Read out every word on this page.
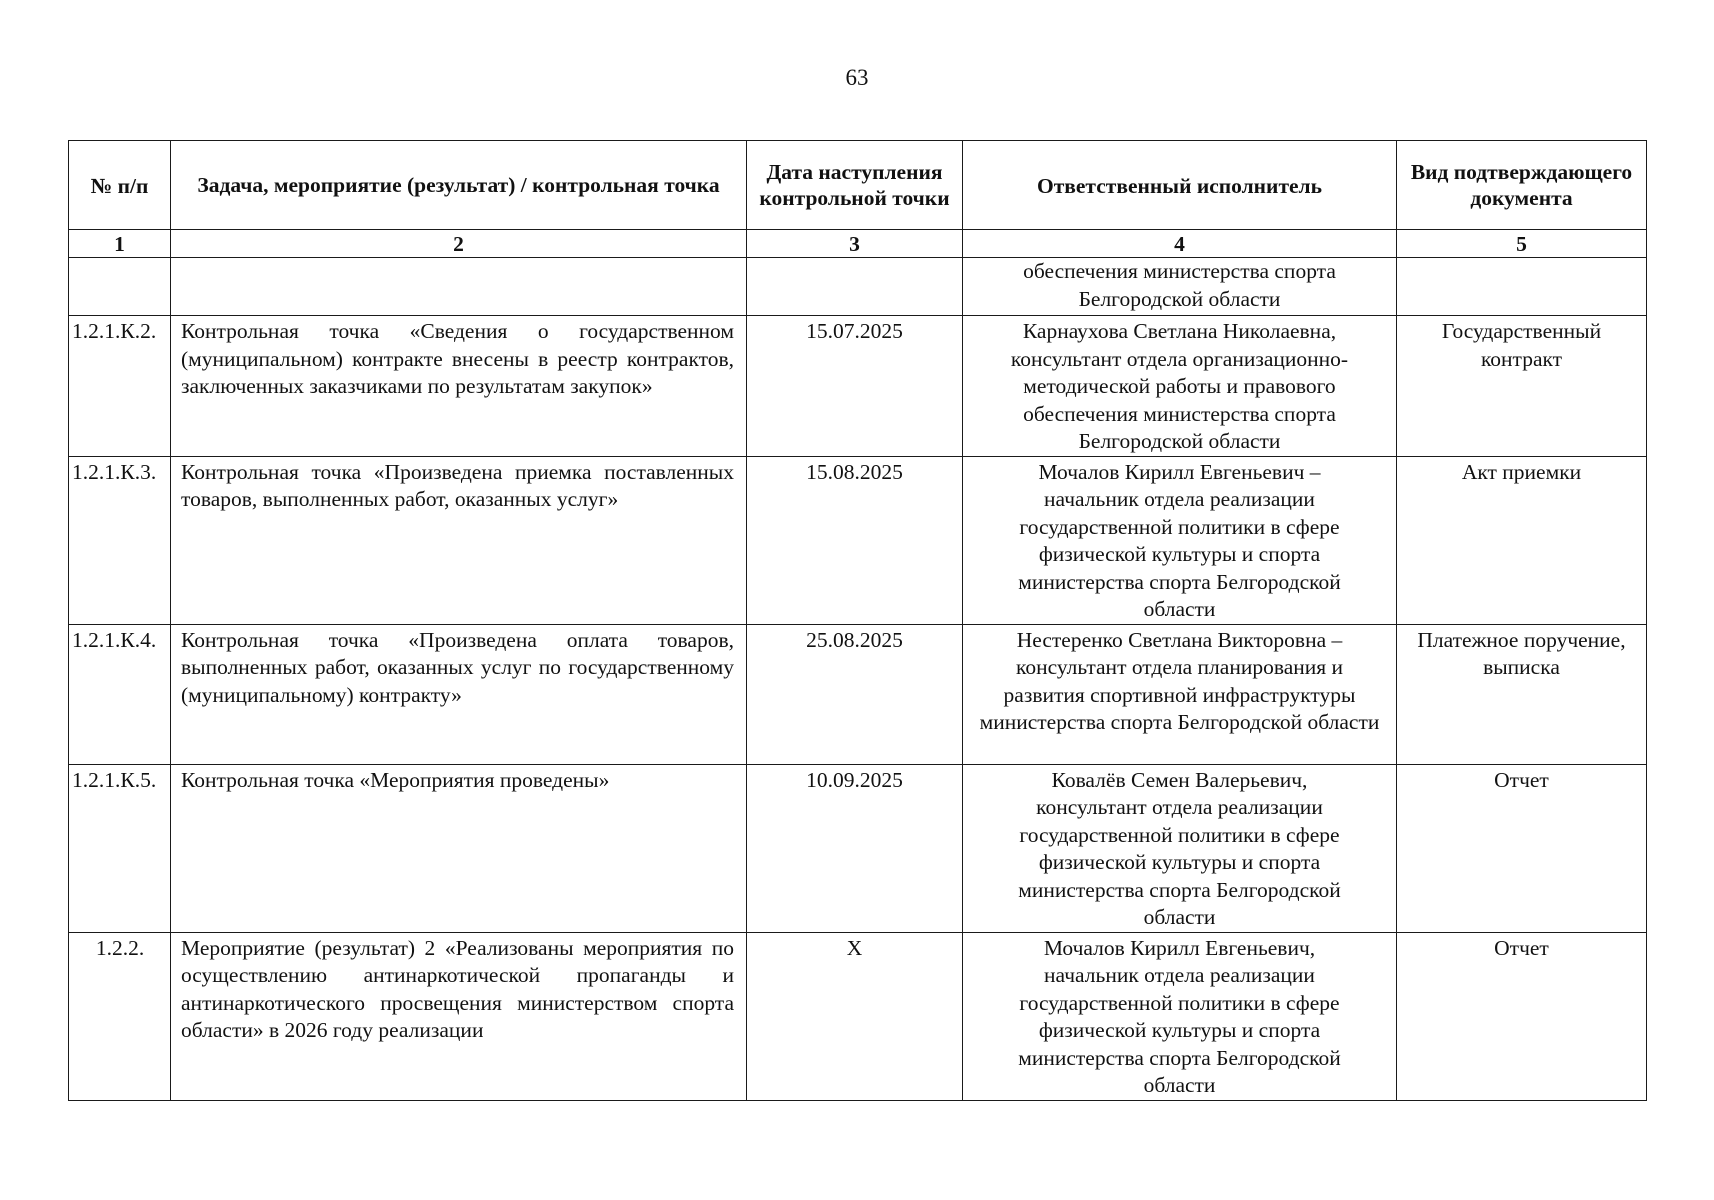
63
№ п/п	Задача, мероприятие (результат) / контрольная точка	Дата наступления контрольной точки	Ответственный исполнитель	Вид подтверждающего документа
1	2	3	4	5
			обеспечения министерства спорта Белгородской области	
1.2.1.К.2.	Контрольная точка «Сведения о государственном (муниципальном) контракте внесены в реестр контрактов, заключенных заказчиками по результатам закупок»	15.07.2025	Карнаухова Светлана Николаевна, консультант отдела организационно-методической работы и правового обеспечения министерства спорта Белгородской области	Государственный контракт
1.2.1.К.3.	Контрольная точка «Произведена приемка поставленных товаров, выполненных работ, оказанных услуг»	15.08.2025	Мочалов Кирилл Евгеньевич – начальник отдела реализации государственной политики в сфере физической культуры и спорта министерства спорта Белгородской области	Акт приемки
1.2.1.К.4.	Контрольная точка «Произведена оплата товаров, выполненных работ, оказанных услуг по государственному (муниципальному) контракту»	25.08.2025	Нестеренко Светлана Викторовна – консультант отдела планирования и развития спортивной инфраструктуры министерства спорта Белгородской области	Платежное поручение, выписка
1.2.1.К.5.	Контрольная точка «Мероприятия проведены»	10.09.2025	Ковалёв Семен Валерьевич, консультант отдела реализации государственной политики в сфере физической культуры и спорта министерства спорта Белгородской области	Отчет
1.2.2.	Мероприятие (результат) 2 «Реализованы мероприятия по осуществлению антинаркотической пропаганды и антинаркотического просвещения министерством спорта области» в 2026 году реализации	X	Мочалов Кирилл Евгеньевич, начальник отдела реализации государственной политики в сфере физической культуры и спорта министерства спорта Белгородской области	Отчет
